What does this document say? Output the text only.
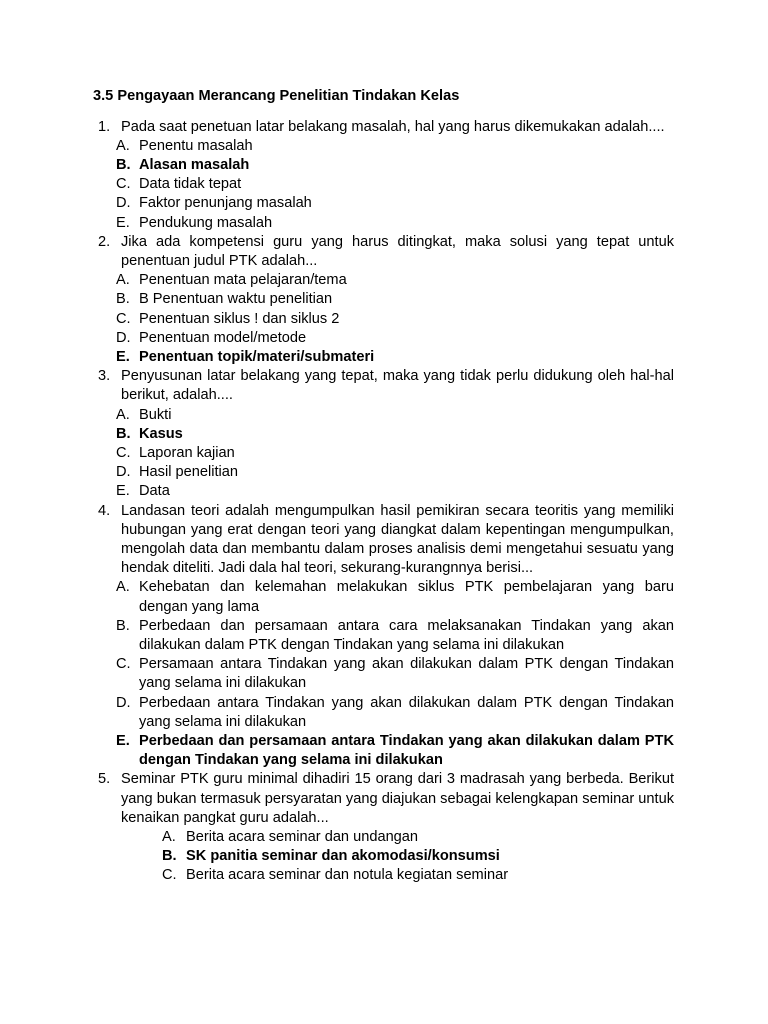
3.5 Pengayaan Merancang Penelitian Tindakan Kelas
1. Pada saat penetuan latar belakang masalah, hal yang harus dikemukakan adalah....
A. Penentu masalah
B. Alasan masalah
C. Data tidak tepat
D. Faktor penunjang masalah
E. Pendukung masalah
2. Jika ada kompetensi guru yang harus ditingkat, maka solusi yang tepat untuk penentuan judul PTK adalah...
A. Penentuan mata pelajaran/tema
B. B Penentuan waktu penelitian
C. Penentuan siklus ! dan siklus 2
D. Penentuan model/metode
E. Penentuan topik/materi/submateri
3. Penyusunan latar belakang yang tepat, maka yang tidak perlu didukung oleh hal-hal berikut, adalah....
A. Bukti
B. Kasus
C. Laporan kajian
D. Hasil penelitian
E. Data
4. Landasan teori adalah mengumpulkan hasil pemikiran secara teoritis yang memiliki hubungan yang erat dengan teori yang diangkat dalam kepentingan mengumpulkan, mengolah data dan membantu dalam proses analisis demi mengetahui sesuatu yang hendak diteliti. Jadi dala hal teori, sekurang-kurangnnya berisi...
A. Kehebatan dan kelemahan melakukan siklus PTK pembelajaran yang baru dengan yang lama
B. Perbedaan dan persamaan antara cara melaksanakan Tindakan yang akan dilakukan dalam PTK dengan Tindakan yang selama ini dilakukan
C. Persamaan antara Tindakan yang akan dilakukan dalam PTK dengan Tindakan yang selama ini dilakukan
D. Perbedaan antara Tindakan yang akan dilakukan dalam PTK dengan Tindakan yang selama ini dilakukan
E. Perbedaan dan persamaan antara Tindakan yang akan dilakukan dalam PTK dengan Tindakan yang selama ini dilakukan
5. Seminar PTK guru minimal dihadiri 15 orang dari 3 madrasah yang berbeda. Berikut yang bukan termasuk persyaratan yang diajukan sebagai kelengkapan seminar untuk kenaikan pangkat guru adalah...
A. Berita acara seminar dan undangan
B. SK panitia seminar dan akomodasi/konsumsi
C. Berita acara seminar dan notula kegiatan seminar
